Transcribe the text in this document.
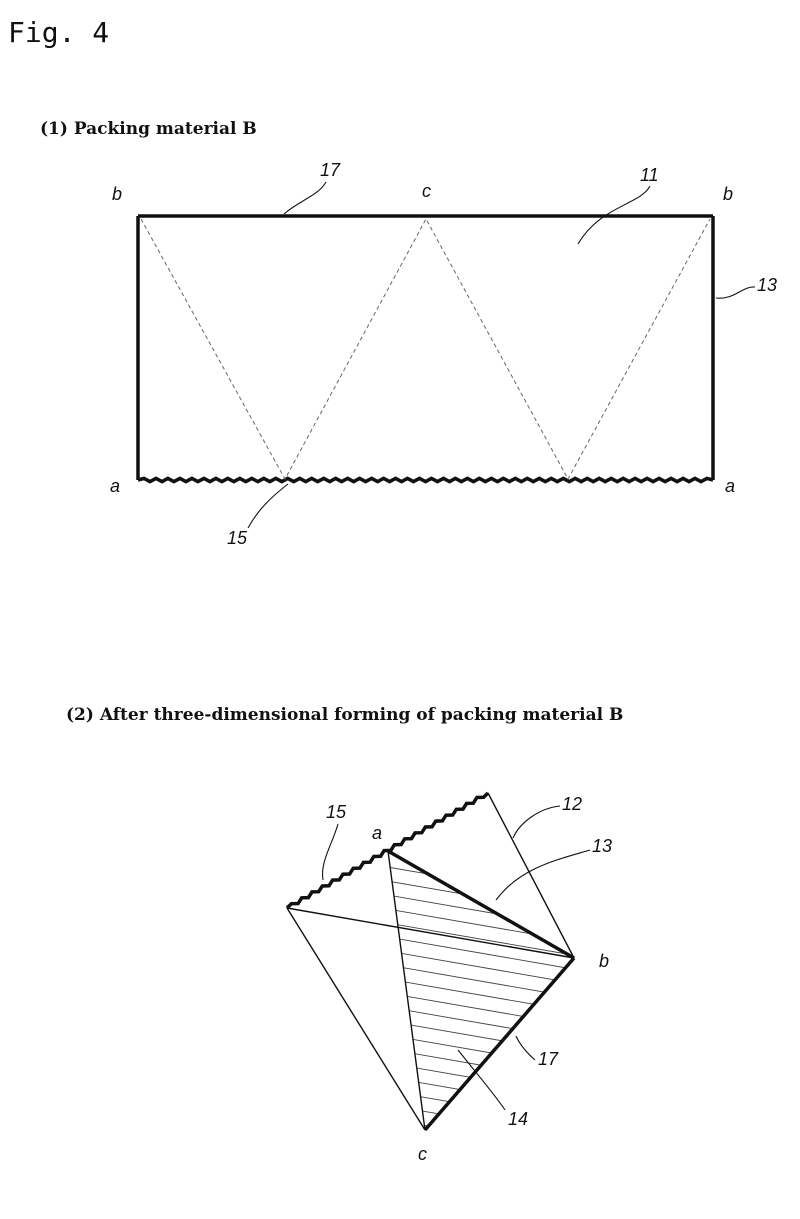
Fig. 4
(1) Packing material B
b	c	b
a	a
17	11
13
15
(2) After three-dimensional forming of packing material B
a
b
c
15	12
13
17
14
